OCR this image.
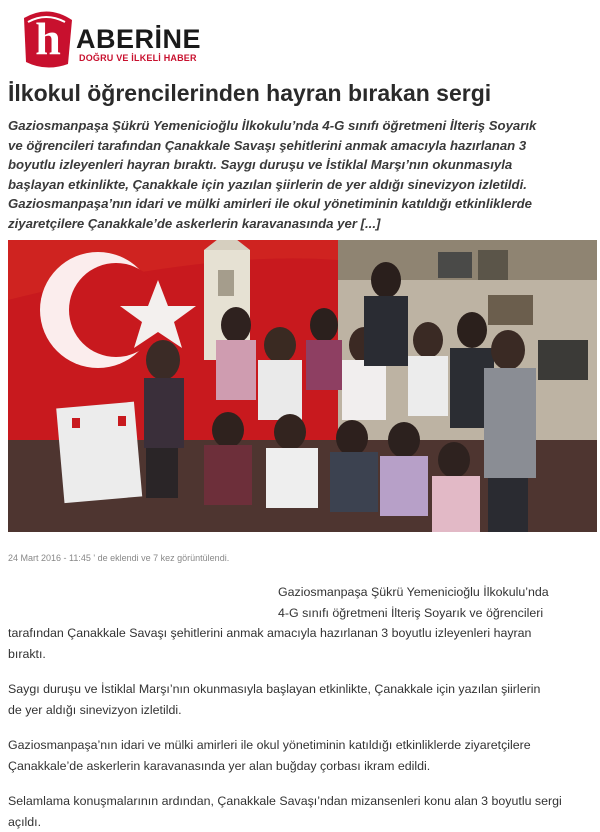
h ABERİNE
DOĞRU VE İLKELİ HABER
İlkokul öğrencilerinden hayran bırakan sergi
Gaziosmanpaşa Şükrü Yemenicioğlu İlkokulu’nda 4-G sınıfı öğretmeni İlteriş Soyarık
ve öğrencileri tarafından Çanakkale Savaşı şehitlerini anmak amacıyla hazırlanan 3
boyutlu izleyenleri hayran bıraktı. Saygı duruşu ve İstiklal Marşı’nın okunmasıyla
başlayan etkinlikte, Çanakkale için yazılan şiirlerin de yer aldığı sinevizyon izletildi.
Gaziosmanpaşa’nın idari ve mülki amirleri ile okul yönetiminin katıldığı etkinliklerde
ziyaretçilere Çanakkale’de askerlerin karavanasında yer [...]
24 Mart 2016 - 11:45 ' de eklendi ve 7 kez görüntülendi.

Gaziosmanpaşa Şükrü Yemenicioğlu İlkokulu’nda

4-G sınıfı öğretmeni İlteriş Soyarık ve öğrencileri

tarafından Çanakkale Savaşı şehitlerini anmak amacıyla hazırlanan 3 boyutlu izleyenleri hayran

bıraktı.

Saygı duruşu ve İstiklal Marşı’nın okunmasıyla başlayan etkinlikte, Çanakkale için yazılan şiirlerin

de yer aldığı sinevizyon izletildi.

Gaziosmanpaşa’nın idari ve mülki amirleri ile okul yönetiminin katıldığı etkinliklerde ziyaretçilere

Çanakkale’de askerlerin karavanasında yer alan buğday çorbası ikram edildi.

Selamlama konuşmalarının ardından, Çanakkale Savaşı’ndan mizansenleri konu alan 3 boyutlu sergi

açıldı.
